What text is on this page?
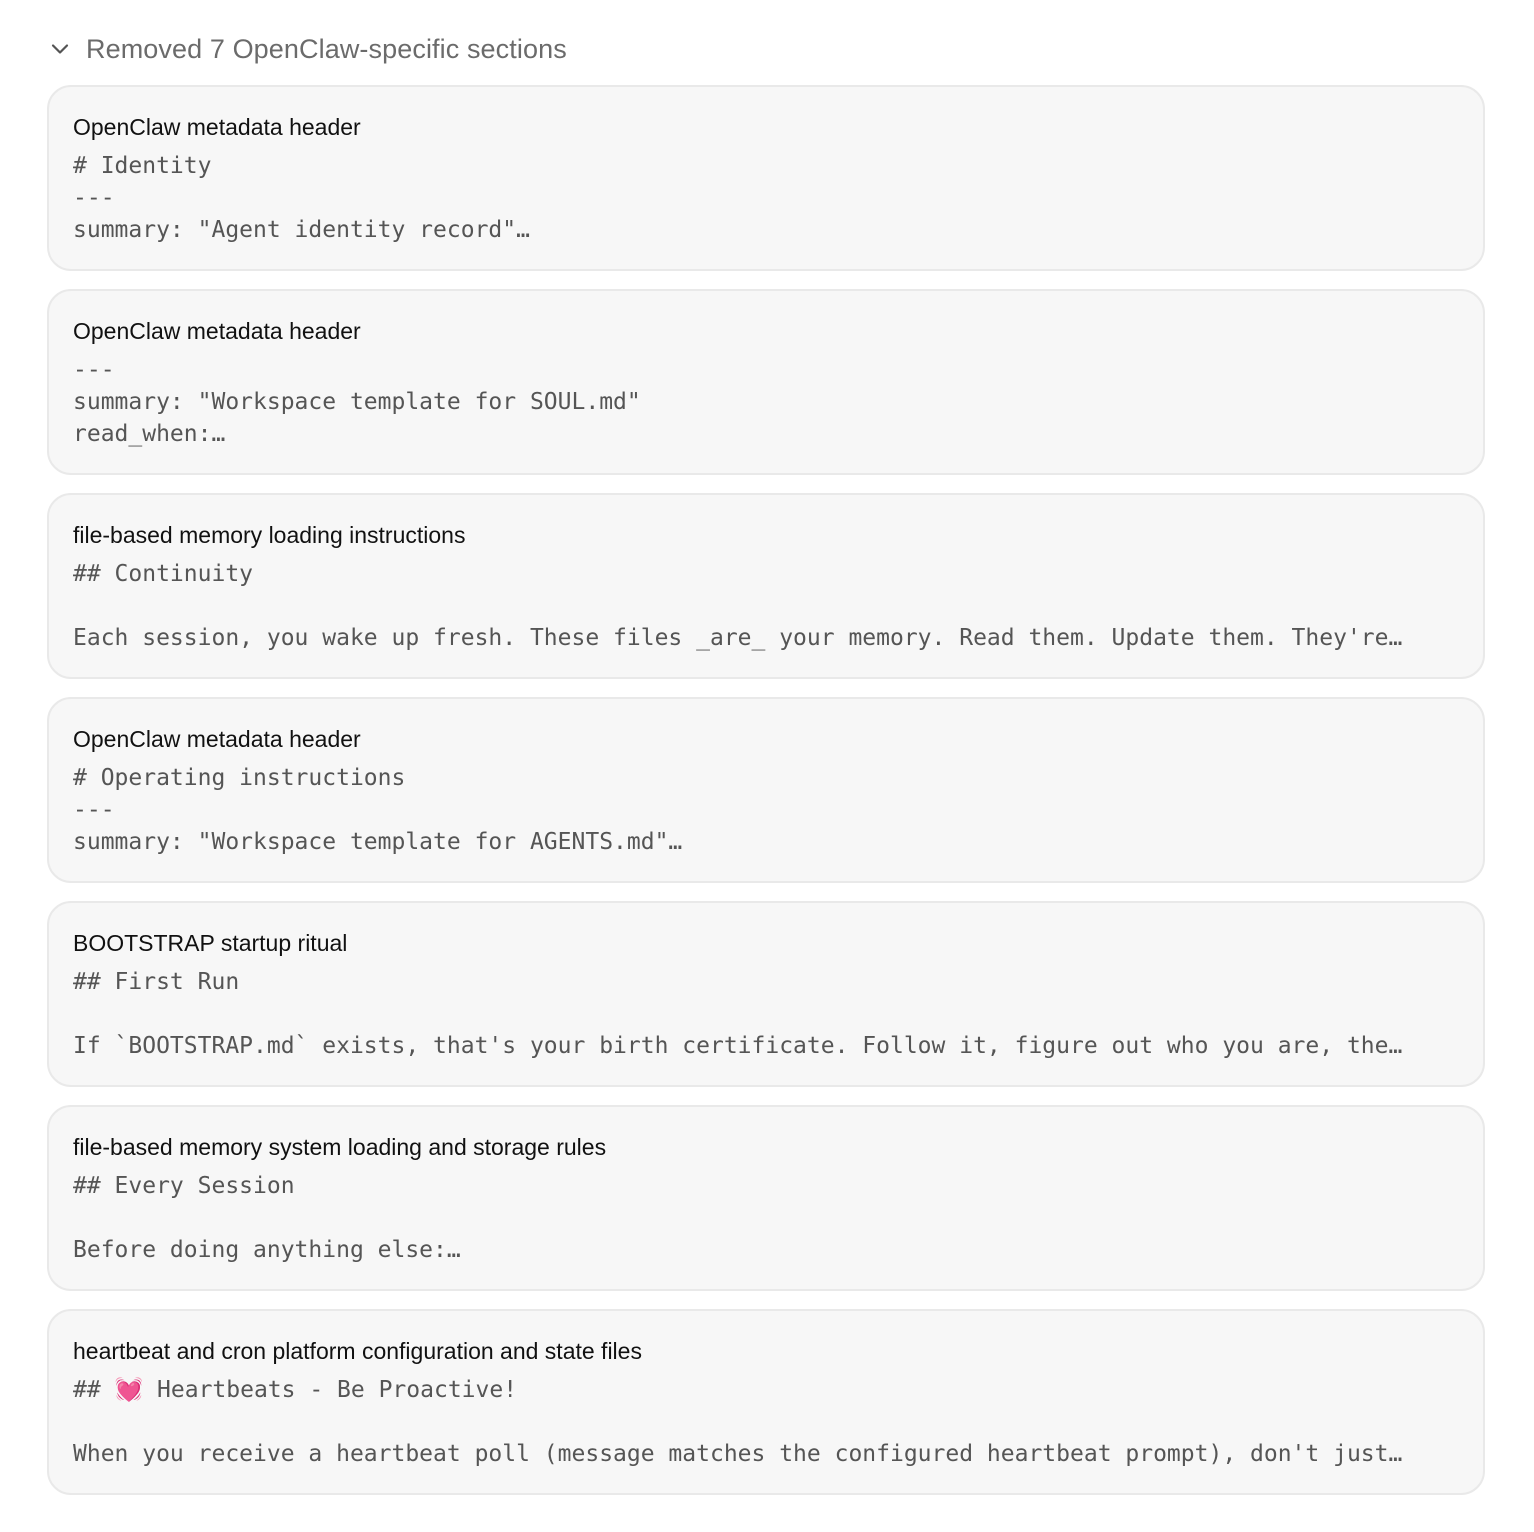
Removed 7 OpenClaw-specific sections
OpenClaw metadata header
# Identity
---
summary: "Agent identity record"…
OpenClaw metadata header
---
summary: "Workspace template for SOUL.md"
read_when:…
file-based memory loading instructions
## Continuity
Each session, you wake up fresh. These files _are_ your memory. Read them. Update them. They're…
OpenClaw metadata header
# Operating instructions
---
summary: "Workspace template for AGENTS.md"…
BOOTSTRAP startup ritual
## First Run
If `BOOTSTRAP.md` exists, that's your birth certificate. Follow it, figure out who you are, the…
file-based memory system loading and storage rules
## Every Session
Before doing anything else:…
heartbeat and cron platform configuration and state files
## 💓 Heartbeats - Be Proactive!
When you receive a heartbeat poll (message matches the configured heartbeat prompt), don't just…
